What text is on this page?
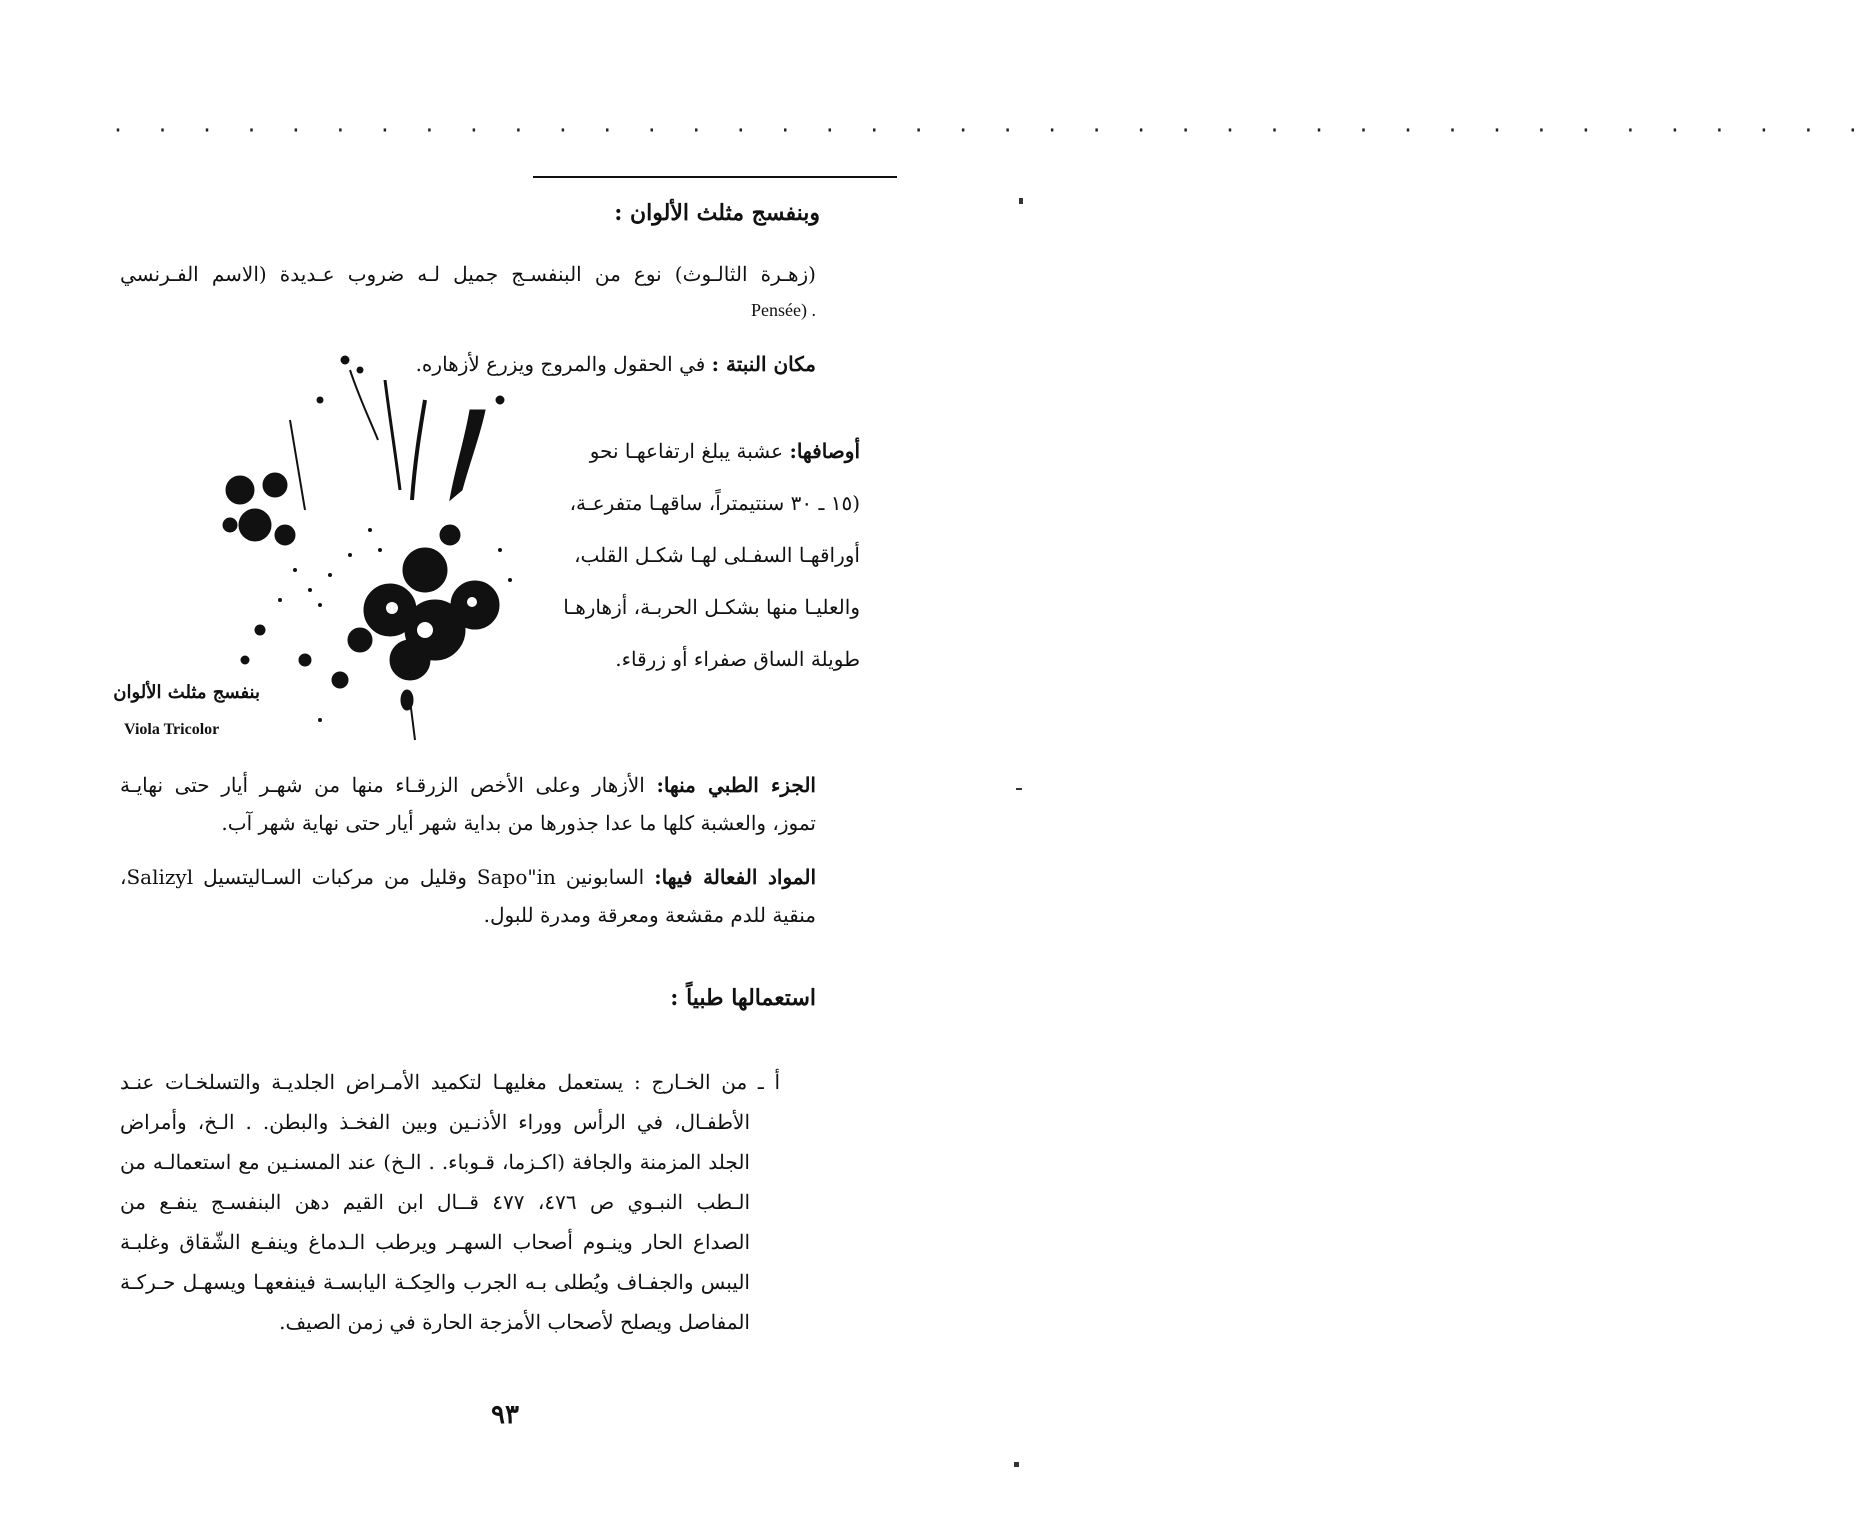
· · · · · · · · · · · · · · · · · · · · · · · · · · · · · · · · · · · · · · · ·
وبنفسج مثلث الألوان :
(زهـرة الثالـوث) نوع من البنفسـج جميل لـه ضروب عـديدة (الاسم الفـرنسي
. (Pensée
مكان النبتة : في الحقول والمروج ويزرع لأزهاره.
أوصافها: عشبة يبلغ ارتفاعهـا نحو
(١٥ ـ ٣٠ سنتيمتراً، ساقهـا متفرعـة،
أوراقهـا السفـلى لهـا شكـل القلب،
والعليـا منها بشكـل الحربـة، أزهارهـا
طويلة الساق صفراء أو زرقاء.
بنفسج مثلث الألوان
Viola Tricolor
الجزء الطبي منها: الأزهار وعلى الأخص الزرقـاء منها من شهـر أيار حتى نهايـة
تموز، والعشبة كلها ما عدا جذورها من بداية شهر أيار حتى نهاية شهر آب.
المواد الفعالة فيها: السابونين Sapo"in وقليل من مركبات السـاليتسيل Salizyl،
منقية للدم مقشعة ومعرقة ومدرة للبول.
استعمالها طبياً :
أ ـ من الخـارج : يستعمل مغليهـا لتكميد الأمـراض الجلديـة والتسلخـات عنـد
الأطفـال، في الرأس ووراء الأذنـين وبين الفخـذ والبطن. . الـخ، وأمراض
الجلد المزمنة والجافة (اكـزما، قـوباء. . الـخ) عند المسنـين مع استعمالـه من
الـطب النبـوي ص ٤٧٦، ٤٧٧ قــال ابن القيم دهن البنفسـج ينفـع من
الصداع الحار وينـوم أصحاب السهـر ويرطب الـدماغ وينفـع الشّقاق وغلبـة
اليبس والجفـاف ويُطلى بـه الجرب والحِكـة اليابسـة فينفعهـا ويسهـل حـركـة
المفاصل ويصلح لأصحاب الأمزجة الحارة في زمن الصيف.
٩٣
